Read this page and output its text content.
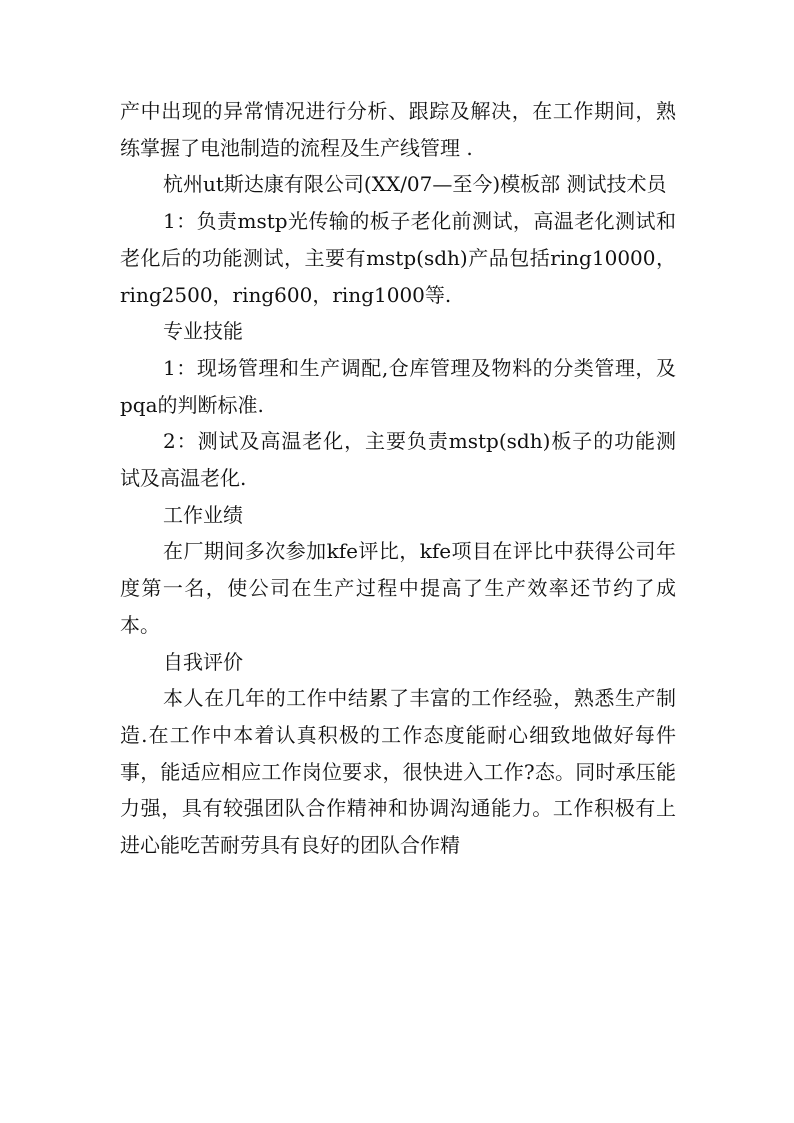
产中出现的异常情况进行分析、跟踪及解决，在工作期间，熟练掌握了电池制造的流程及生产线管理 .

杭州ut斯达康有限公司(XX/07—至今)模板部 测试技术员

1：负责mstp光传输的板子老化前测试，高温老化测试和老化后的功能测试，主要有mstp(sdh)产品包括ring10000，ring2500，ring600，ring1000等.

专业技能

1：现场管理和生产调配,仓库管理及物料的分类管理，及pqa的判断标准.

2：测试及高温老化，主要负责mstp(sdh)板子的功能测试及高温老化.

工作业绩

在厂期间多次参加kfe评比，kfe项目在评比中获得公司年度第一名，使公司在生产过程中提高了生产效率还节约了成本。

自我评价

本人在几年的工作中结累了丰富的工作经验，熟悉生产制造.在工作中本着认真积极的工作态度能耐心细致地做好每件事，能适应相应工作岗位要求，很快进入工作?态。同时承压能力强，具有较强团队合作精神和协调沟通能力。工作积极有上进心能吃苦耐劳具有良好的团队合作精
